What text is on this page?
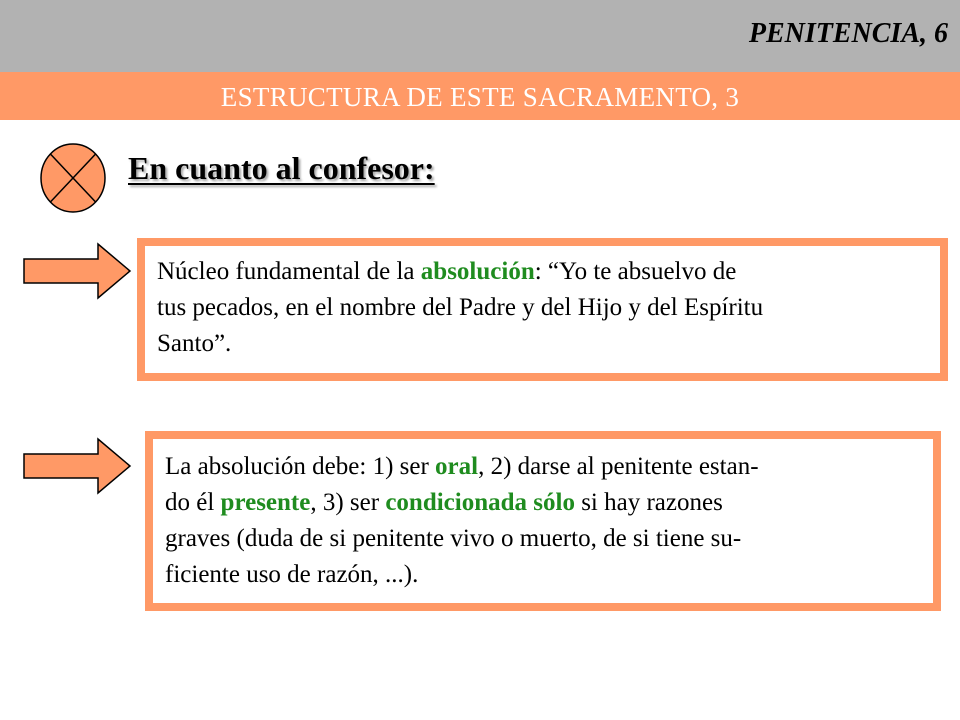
PENITENCIA, 6
ESTRUCTURA DE ESTE SACRAMENTO, 3
En cuanto al confesor:
Núcleo fundamental de la absolución: “Yo te absuelvo de
tus pecados, en el nombre del Padre y del Hijo y del Espíritu
Santo”.
La absolución debe: 1) ser oral, 2) darse al penitente estan-
do él presente, 3) ser condicionada sólo si hay razones
graves (duda de si penitente vivo o muerto, de si tiene su-
ficiente uso de razón, ...).
